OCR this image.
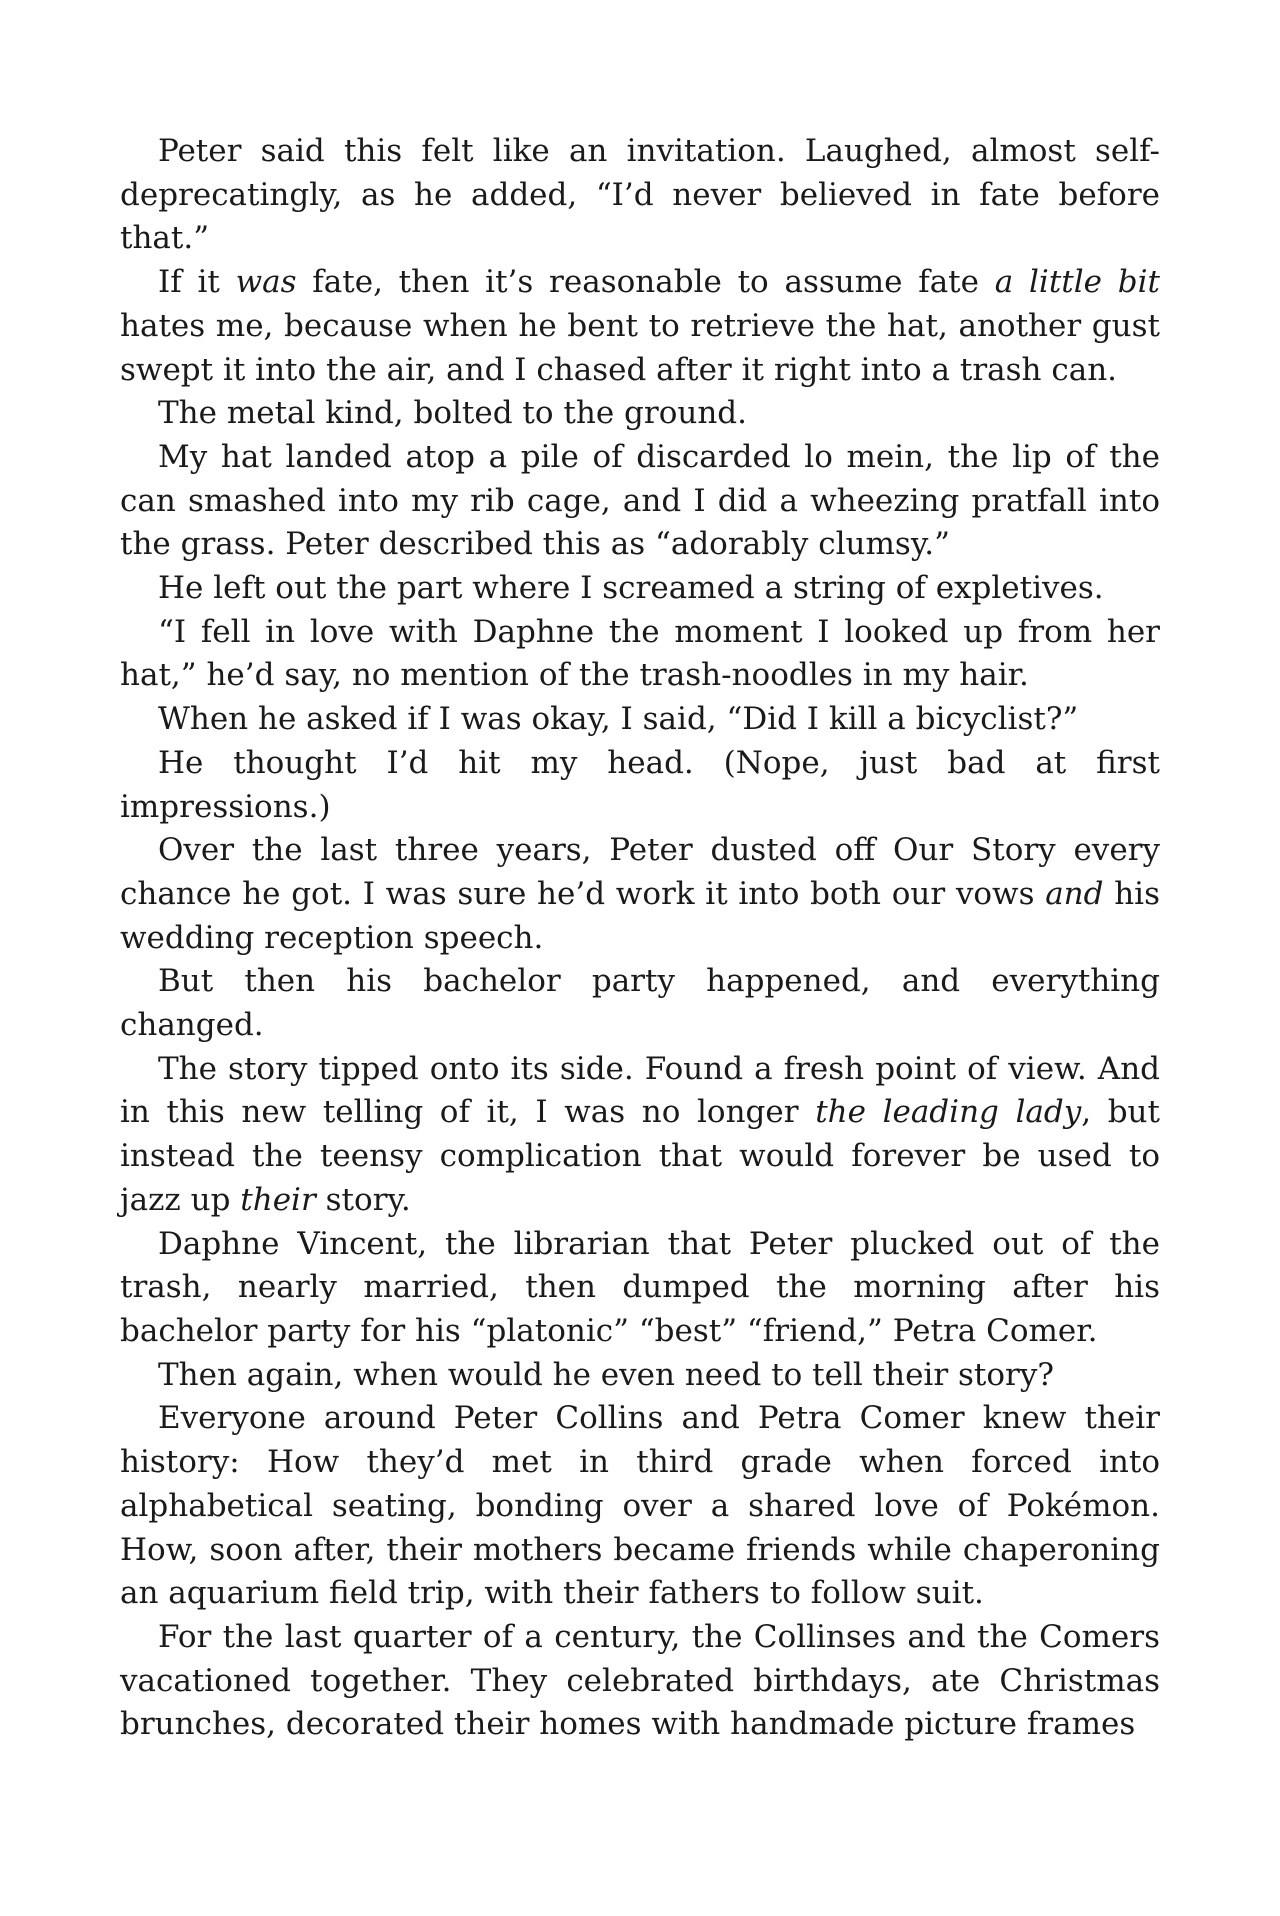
Peter said this felt like an invitation. Laughed, almost self-deprecatingly, as he added, “I’d never believed in fate before that.”

If it was fate, then it’s reasonable to assume fate a little bit hates me, because when he bent to retrieve the hat, another gust swept it into the air, and I chased after it right into a trash can.

The metal kind, bolted to the ground.

My hat landed atop a pile of discarded lo mein, the lip of the can smashed into my rib cage, and I did a wheezing pratfall into the grass. Peter described this as “adorably clumsy.”

He left out the part where I screamed a string of expletives.

“I fell in love with Daphne the moment I looked up from her hat,” he’d say, no mention of the trash-noodles in my hair.

When he asked if I was okay, I said, “Did I kill a bicyclist?”

He thought I’d hit my head. (Nope, just bad at first impressions.)

Over the last three years, Peter dusted off Our Story every chance he got. I was sure he’d work it into both our vows and his wedding reception speech.

But then his bachelor party happened, and everything changed.

The story tipped onto its side. Found a fresh point of view. And in this new telling of it, I was no longer the leading lady, but instead the teensy complication that would forever be used to jazz up their story.

Daphne Vincent, the librarian that Peter plucked out of the trash, nearly married, then dumped the morning after his bachelor party for his “platonic” “best” “friend,” Petra Comer.

Then again, when would he even need to tell their story?

Everyone around Peter Collins and Petra Comer knew their history: How they’d met in third grade when forced into alphabetical seating, bonding over a shared love of Pokémon. How, soon after, their mothers became friends while chaperoning an aquarium field trip, with their fathers to follow suit.

For the last quarter of a century, the Collinses and the Comers vacationed together. They celebrated birthdays, ate Christmas brunches, decorated their homes with handmade picture frames
